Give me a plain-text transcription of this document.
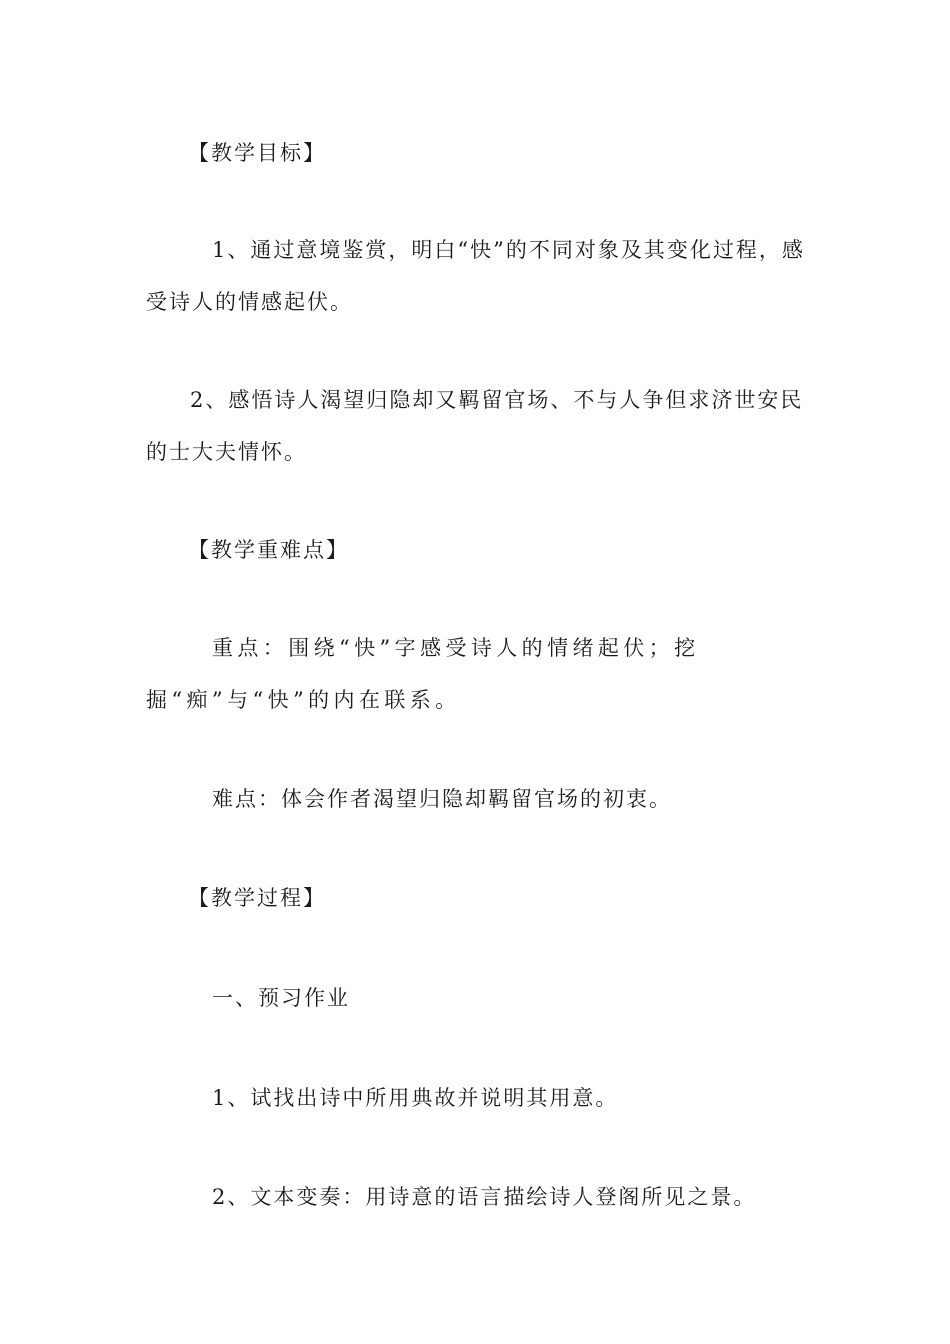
【教学目标】
1、通过意境鉴赏，明白“快”的不同对象及其变化过程，感受诗人的情感起伏。
2、感悟诗人渴望归隐却又羁留官场、不与人争但求济世安民的士大夫情怀。
【教学重难点】
重点：围绕“快”字感受诗人的情绪起伏；挖掘“痴”与“快”的内在联系。
难点：体会作者渴望归隐却羁留官场的初衷。
【教学过程】
一、预习作业
1、试找出诗中所用典故并说明其用意。
2、文本变奏：用诗意的语言描绘诗人登阁所见之景。
